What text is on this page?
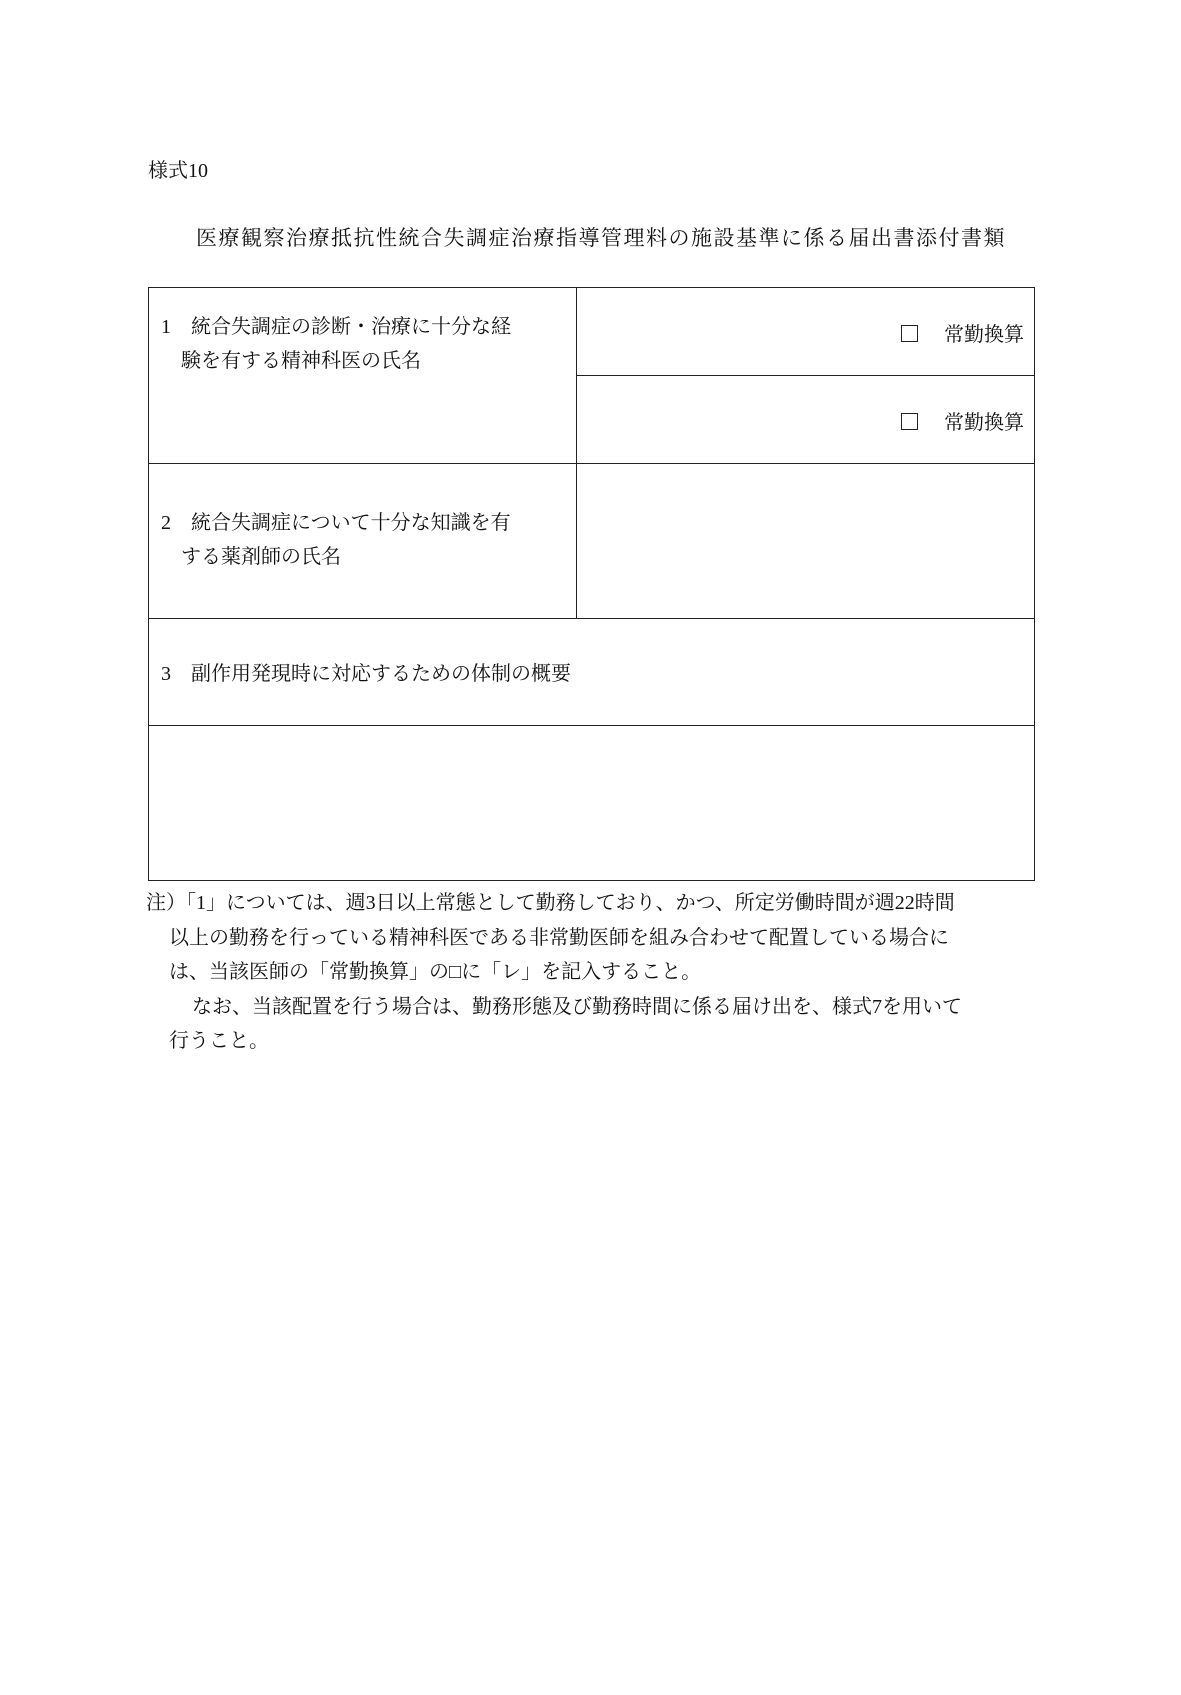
様式10
医療観察治療抵抗性統合失調症治療指導管理料の施設基準に係る届出書添付書類
1　統合失調症の診断・治療に十分な経
験を有する精神科医の氏名	常勤換算
	常勤換算

2　統合失調症について十分な知識を有
する薬剤師の氏名	

3　副作用発現時に対応するための体制の概要	

注）「1」については、週3日以上常態として勤務しており、かつ、所定労働時間が週22時間

以上の勤務を行っている精神科医である非常勤医師を組み合わせて配置している場合に

は、当該医師の「常勤換算」の□に「レ」を記入すること。

なお、当該配置を行う場合は、勤務形態及び勤務時間に係る届け出を、様式7を用いて

行うこと。
